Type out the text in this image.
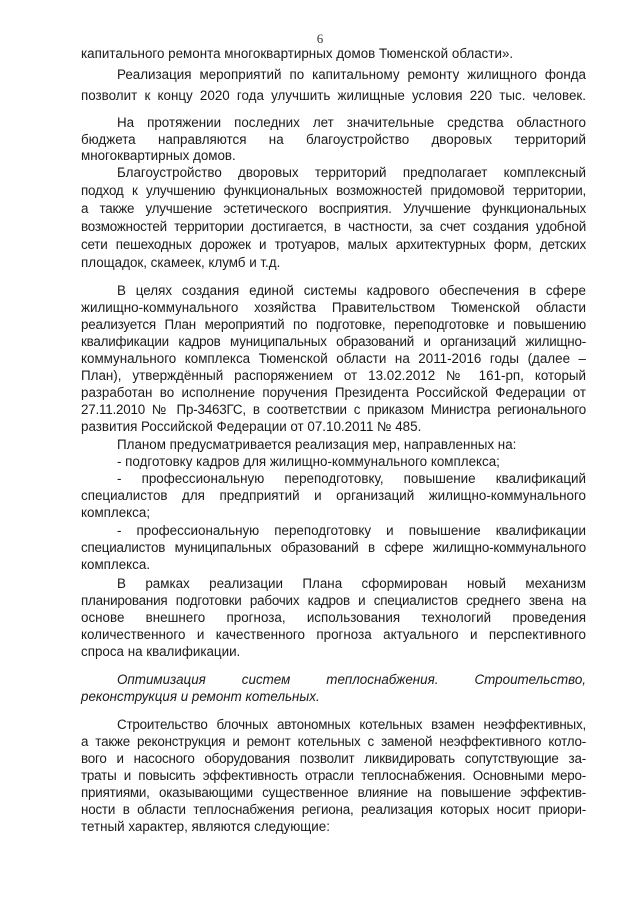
6
капитального ремонта многоквартирных домов Тюменской области».
Реализация мероприятий по капитальному ремонту жилищного фонда
позволит к концу 2020 года улучшить жилищные условия 220 тыс. человек.
На протяжении последних лет значительные средства областного
бюджета направляются на благоустройство дворовых территорий
многоквартирных домов.
Благоустройство дворовых территорий предполагает комплексный
подход к улучшению функциональных возможностей придомовой территории,
а также улучшение эстетического восприятия. Улучшение функциональных
возможностей территории достигается, в частности, за счет создания удобной
сети пешеходных дорожек и тротуаров, малых архитектурных форм, детских
площадок, скамеек, клумб и т.д.
В целях создания единой системы кадрового обеспечения в сфере
жилищно-коммунального хозяйства Правительством Тюменской области
реализуется План мероприятий по подготовке, переподготовке и повышению
квалификации кадров муниципальных образований и организаций жилищно-
коммунального комплекса Тюменской области на 2011-2016 годы (далее –
План), утверждённый распоряжением от 13.02.2012 № 161-рп, который
разработан во исполнение поручения Президента Российской Федерации от
27.11.2010 № Пр-3463ГС, в соответствии с приказом Министра регионального
развития Российской Федерации от 07.10.2011 № 485.
Планом предусматривается реализация мер, направленных на:
- подготовку кадров для жилищно-коммунального комплекса;
- профессиональную переподготовку, повышение квалификаций
специалистов для предприятий и организаций жилищно-коммунального
комплекса;
- профессиональную переподготовку и повышение квалификации
специалистов муниципальных образований в сфере жилищно-коммунального
комплекса.
В рамках реализации Плана сформирован новый механизм
планирования подготовки рабочих кадров и специалистов среднего звена на
основе внешнего прогноза, использования технологий проведения
количественного и качественного прогноза актуального и перспективного
спроса на квалификации.
Оптимизация систем теплоснабжения. Строительство,
реконструкция и ремонт котельных.
Строительство блочных автономных котельных взамен неэффективных,
а также реконструкция и ремонт котельных с заменой неэффективного котло-
вого и насосного оборудования позволит ликвидировать сопутствующие за-
траты и повысить эффективность отрасли теплоснабжения. Основными меро-
приятиями, оказывающими существенное влияние на повышение эффектив-
ности в области теплоснабжения региона, реализация которых носит приори-
тетный характер, являются следующие:
